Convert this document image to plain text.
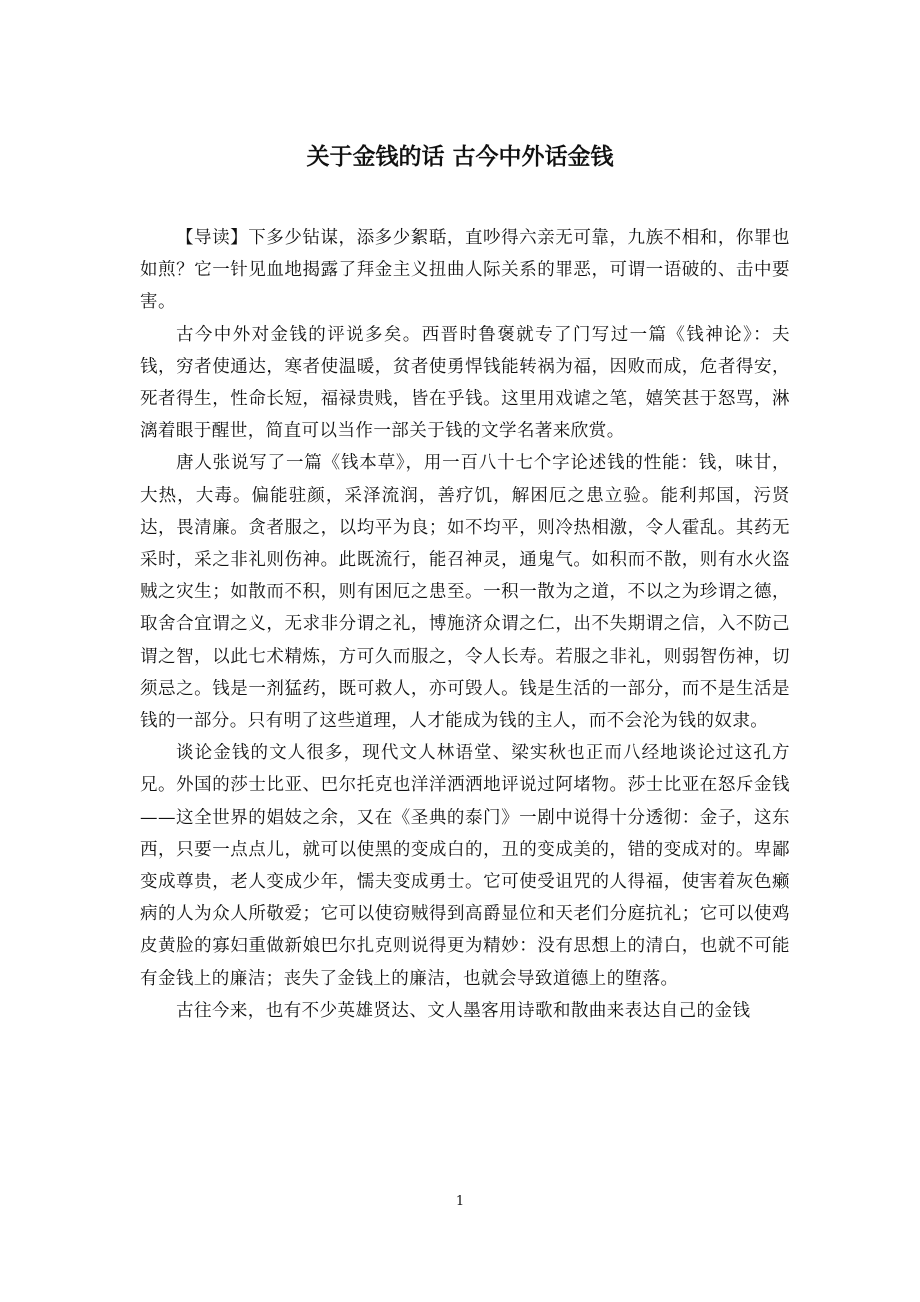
关于金钱的话 古今中外话金钱

【导读】下多少钻谋，添多少絮聒，直吵得六亲无可靠，九族不相和，你罪也如煎？它一针见血地揭露了拜金主义扭曲人际关系的罪恶，可谓一语破的、击中要害。

古今中外对金钱的评说多矣。西晋时鲁褒就专了门写过一篇《钱神论》：夫钱，穷者使通达，寒者使温暖，贫者使勇悍钱能转祸为福，因败而成，危者得安，死者得生，性命长短，福禄贵贱，皆在乎钱。这里用戏谑之笔，嬉笑甚于怒骂，淋漓着眼于醒世，简直可以当作一部关于钱的文学名著来欣赏。

唐人张说写了一篇《钱本草》，用一百八十七个字论述钱的性能：钱，味甘，大热，大毒。偏能驻颜，采泽流润，善疗饥，解困厄之患立验。能利邦国，污贤达，畏清廉。贪者服之，以均平为良；如不均平，则冷热相激，令人霍乱。其药无采时，采之非礼则伤神。此既流行，能召神灵，通鬼气。如积而不散，则有水火盗贼之灾生；如散而不积，则有困厄之患至。一积一散为之道，不以之为珍谓之德，取舍合宜谓之义，无求非分谓之礼，博施济众谓之仁，出不失期谓之信，入不防己谓之智，以此七术精炼，方可久而服之，令人长寿。若服之非礼，则弱智伤神，切须忌之。钱是一剂猛药，既可救人，亦可毁人。钱是生活的一部分，而不是生活是钱的一部分。只有明了这些道理，人才能成为钱的主人，而不会沦为钱的奴隶。

谈论金钱的文人很多，现代文人林语堂、梁实秋也正而八经地谈论过这孔方兄。外国的莎士比亚、巴尔托克也洋洋洒洒地评说过阿堵物。莎士比亚在怒斥金钱——这全世界的娼妓之余，又在《圣典的泰门》一剧中说得十分透彻：金子，这东西，只要一点点儿，就可以使黑的变成白的，丑的变成美的，错的变成对的。卑鄙变成尊贵，老人变成少年，懦夫变成勇士。它可使受诅咒的人得福，使害着灰色癞病的人为众人所敬爱；它可以使窃贼得到高爵显位和天老们分庭抗礼；它可以使鸡皮黄脸的寡妇重做新娘巴尔扎克则说得更为精妙：没有思想上的清白，也就不可能有金钱上的廉洁；丧失了金钱上的廉洁，也就会导致道德上的堕落。

古往今来，也有不少英雄贤达、文人墨客用诗歌和散曲来表达自己的金钱

1
